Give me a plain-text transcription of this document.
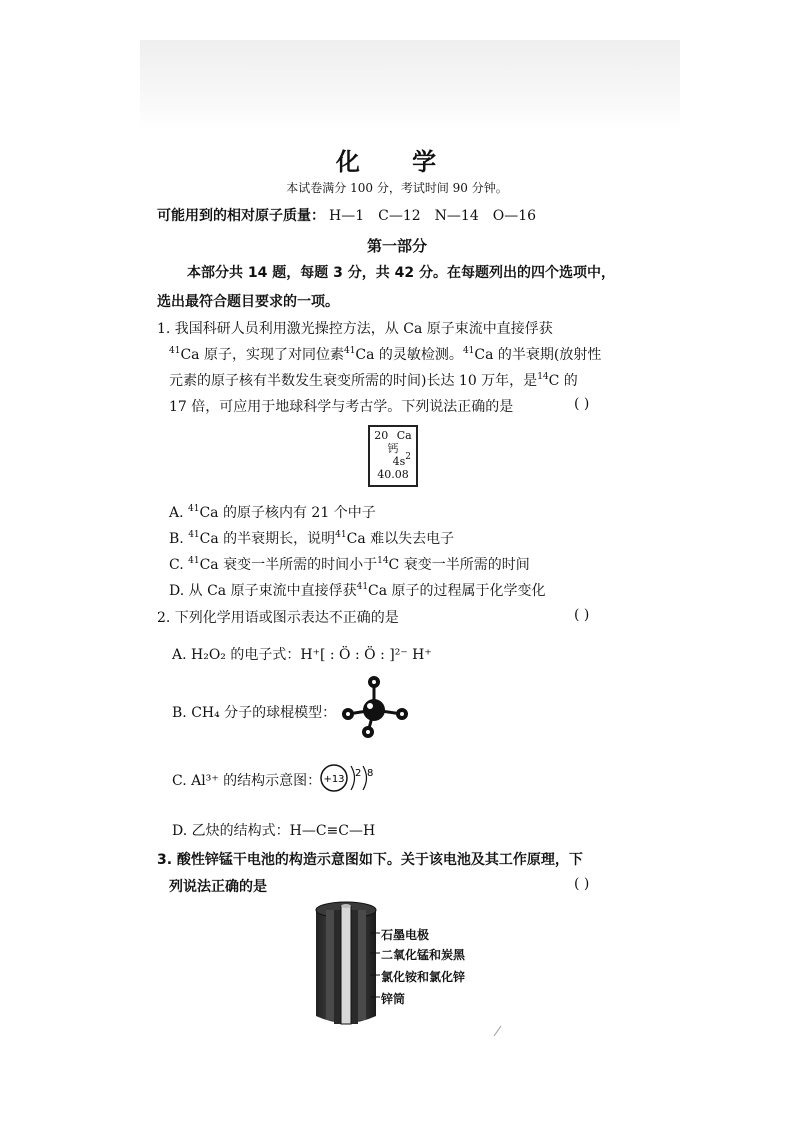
化 学
本试卷满分 100 分，考试时间 90 分钟。
可能用到的相对原子质量： H—1 C—12 N—14 O—16
第一部分
本部分共 14 题，每题 3 分，共 42 分。在每题列出的四个选项中，
选出最符合题目要求的一项。
1. 我国科研人员利用激光操控方法，从 Ca 原子束流中直接俘获
$^{41}$Ca 原子，实现了对同位素$^{41}$Ca 的灵敏检测。$^{41}$Ca 的半衰期(放射性
元素的原子核有半数发生衰变所需的时间)长达 10 万年，是$^{14}$C 的
17 倍，可应用于地球科学与考古学。下列说法正确的是	( )
20 Ca
钙
$4s^2$
40.08
A. $^{41}$Ca 的原子核内有 21 个中子
B. $^{41}$Ca 的半衰期长，说明$^{41}$Ca 难以失去电子
C. $^{41}$Ca 衰变一半所需的时间小于$^{14}$C 衰变一半所需的时间
D. 从 Ca 原子束流中直接俘获$^{41}$Ca 原子的过程属于化学变化
2. 下列化学用语或图示表达不正确的是	( )
A. H₂O₂ 的电子式：H⁺[ : Ö : Ö : ]²⁻ H⁺
B. CH₄ 分子的球棍模型：
C. Al³⁺ 的结构示意图： +13
2 8
D. 乙炔的结构式：H—C≡C—H
3. 酸性锌锰干电池的构造示意图如下。关于该电池及其工作原理，下
列说法正确的是	( )
石墨电极
二氧化锰和炭黑
氯化铵和氯化锌
锌筒
